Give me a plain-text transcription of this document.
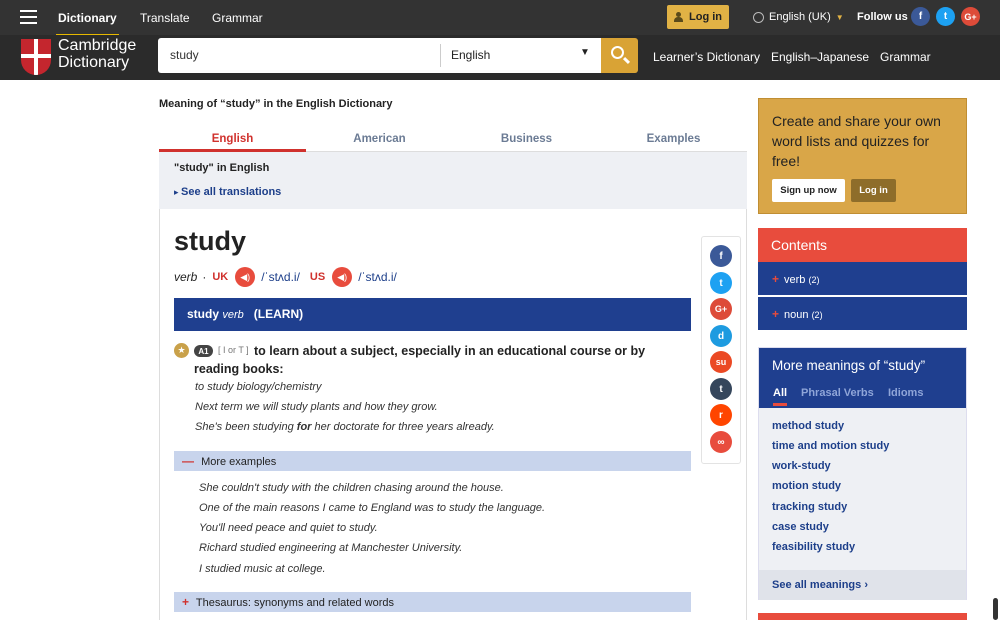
Dictionary Translate Grammar	Log in	English (UK) ▼ Follow us	f	t	G+
Cambridge
Dictionary
study	English	▼	Learner’s Dictionary English–Japanese Grammar
Meaning of “study” in the English Dictionary
English	American	Business	Examples
"study" in English
▸ See all translations
study
verb · UK	◀) /ˈstʌd.i/ US	◀) /ˈstʌd.i/
study verb (LEARN)
★	A1	[ I or T ] to learn about a subject, especially in an educational course or by reading books:
to study biology/chemistry
Next term we will study plants and how they grow.
She's been studying for her doctorate for three years already.
— More examples
She couldn't study with the children chasing around the house.
One of the main reasons I came to England was to study the language.
You'll need peace and quiet to study.
Richard studied engineering at Manchester University.
I studied music at college.
+ Thesaurus: synonyms and related words
f
t
G+
d
su
t
r
∞
Create and share your own word lists and quizzes for free!
Sign up now	Log in
Contents
+ verb (2)
+ noun (2)
More meanings of “study”
All Phrasal Verbs Idioms
method study
time and motion study
work-study
motion study
tracking study
case study
feasibility study
See all meanings ›
